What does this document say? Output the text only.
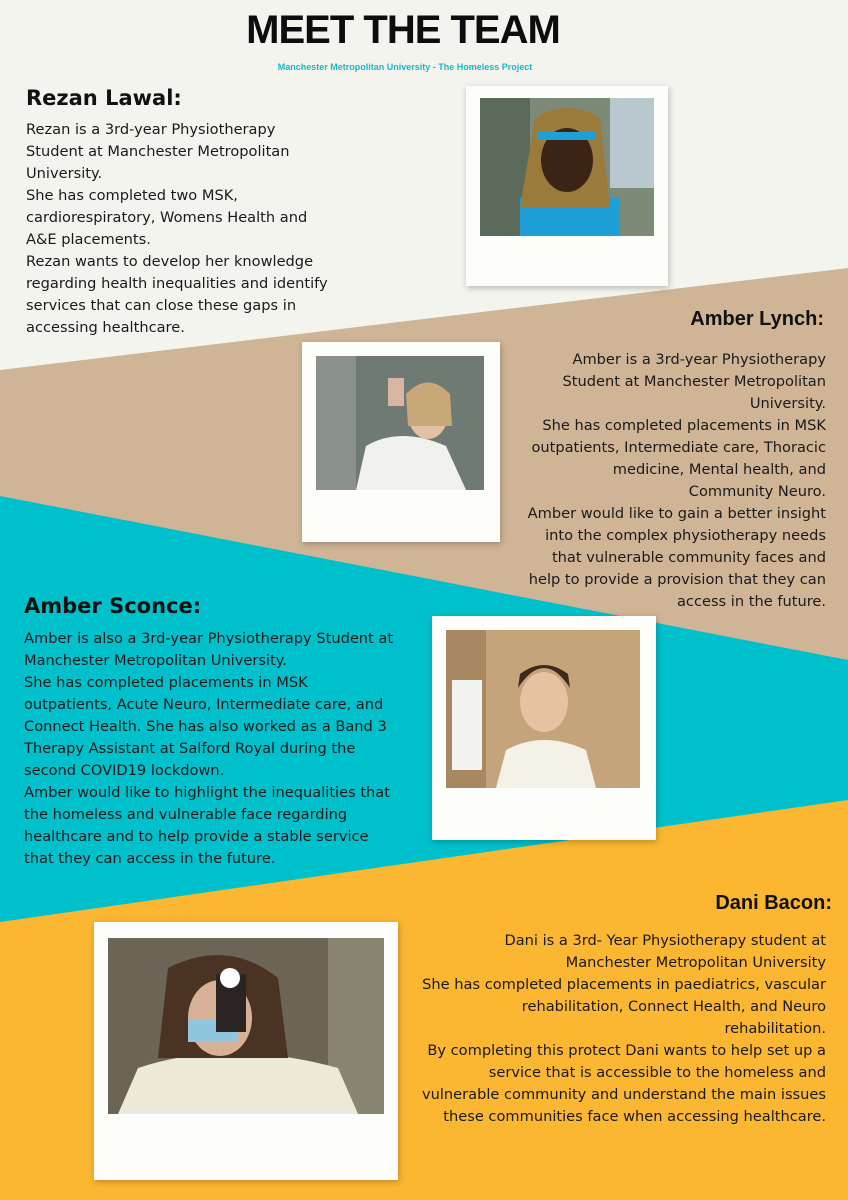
MEET THE TEAM
Manchester Metropolitan University - The Homeless Project
Rezan Lawal:
Rezan is a 3rd-year Physiotherapy
Student at Manchester Metropolitan
University.
She has completed two MSK,
cardiorespiratory, Womens Health and
A&E placements.
Rezan wants to develop her knowledge
regarding health inequalities and identify
services that can close these gaps in
accessing healthcare.	Amber Lynch:
Amber is a 3rd-year Physiotherapy
Student at Manchester Metropolitan
University.
She has completed placements in MSK
outpatients, Intermediate care, Thoracic
medicine, Mental health, and
Community Neuro.
Amber would like to gain a better insight
into the complex physiotherapy needs
that vulnerable community faces and
help to provide a provision that they can
access in the future.
Amber Sconce:
Amber is also a 3rd-year Physiotherapy Student at
Manchester Metropolitan University.
She has completed placements in MSK
outpatients, Acute Neuro, Intermediate care, and
Connect Health. She has also worked as a Band 3
Therapy Assistant at Salford Royal during the
second COVID19 lockdown.
Amber would like to highlight the inequalities that
the homeless and vulnerable face regarding
healthcare and to help provide a stable service
that they can access in the future.
Dani Bacon:
Dani is a 3rd- Year Physiotherapy student at
Manchester Metropolitan University
She has completed placements in paediatrics, vascular
rehabilitation, Connect Health, and Neuro
rehabilitation.
By completing this protect Dani wants to help set up a
service that is accessible to the homeless and
vulnerable community and understand the main issues
these communities face when accessing healthcare.
